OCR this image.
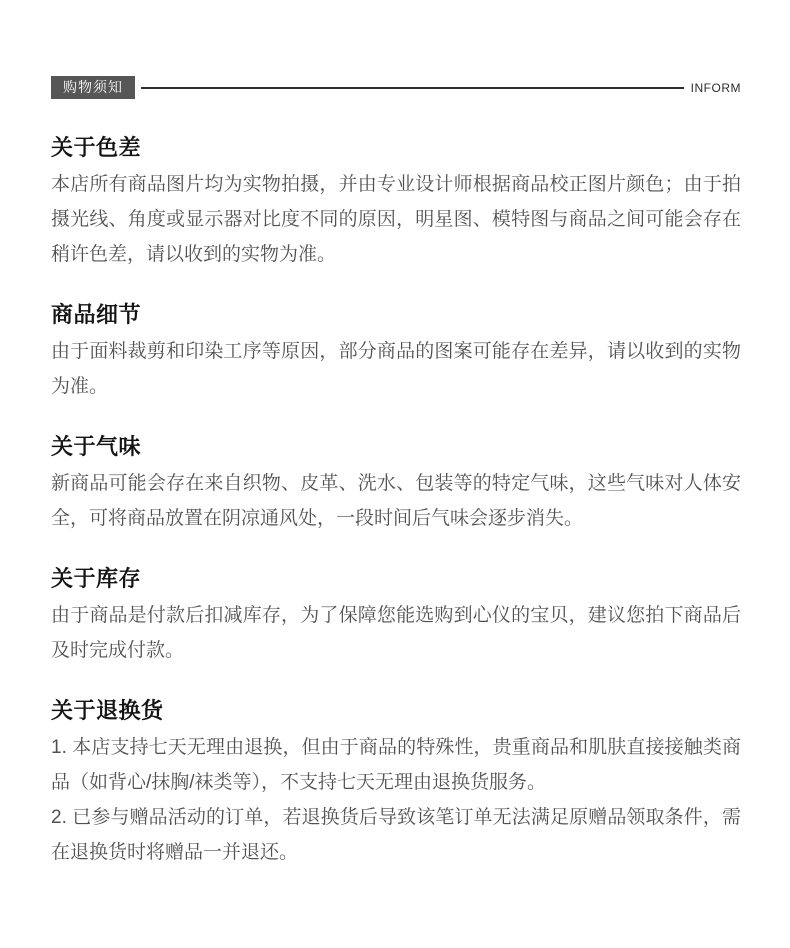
购物须知	INFORM
关于色差

本店所有商品图片均为实物拍摄，并由专业设计师根据商品校正图片颜色；由于拍摄光线、角度或显示器对比度不同的原因，明星图、模特图与商品之间可能会存在稍许色差，请以收到的实物为准。

商品细节

由于面料裁剪和印染工序等原因，部分商品的图案可能存在差异，请以收到的实物为准。

关于气味

新商品可能会存在来自织物、皮革、洗水、包装等的特定气味，这些气味对人体安全，可将商品放置在阴凉通风处，一段时间后气味会逐步消失。

关于库存

由于商品是付款后扣减库存，为了保障您能选购到心仪的宝贝，建议您拍下商品后及时完成付款。

关于退换货

1. 本店支持七天无理由退换，但由于商品的特殊性，贵重商品和肌肤直接接触类商品（如背心/抹胸/袜类等），不支持七天无理由退换货服务。

2. 已参与赠品活动的订单，若退换货后导致该笔订单无法满足原赠品领取条件，需在退换货时将赠品一并退还。
